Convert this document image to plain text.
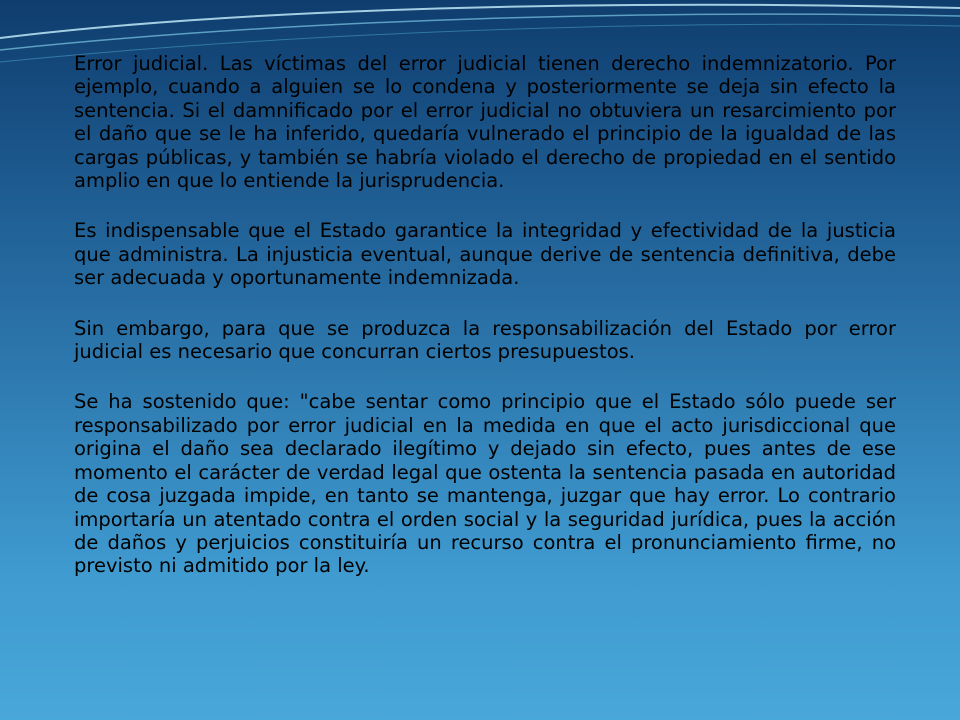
Error judicial. Las víctimas del error judicial tienen derecho indemnizatorio. Por ejemplo, cuando a alguien se lo condena y posteriormente se deja sin efecto la sentencia. Si el damnificado por el error judicial no obtuviera un resarcimiento por el daño que se le ha inferido, quedaría vulnerado el principio de la igualdad de las cargas públicas, y también se habría violado el derecho de propiedad en el sentido amplio en que lo entiende la jurisprudencia.

Es indispensable que el Estado garantice la integridad y efectividad de la justicia que administra. La injusticia eventual, aunque derive de sentencia definitiva, debe ser adecuada y oportunamente indemnizada.

Sin embargo, para que se produzca la responsabilización del Estado por error judicial es necesario que concurran ciertos presupuestos.

Se ha sostenido que: "cabe sentar como principio que el Estado sólo puede ser responsabilizado por error judicial en la medida en que el acto jurisdiccional que origina el daño sea declarado ilegítimo y dejado sin efecto, pues antes de ese momento el carácter de verdad legal que ostenta la sentencia pasada en autoridad de cosa juzgada impide, en tanto se mantenga, juzgar que hay error. Lo contrario importaría un atentado contra el orden social y la seguridad jurídica, pues la acción de daños y perjuicios constituiría un recurso contra el pronunciamiento firme, no previsto ni admitido por la ley.
